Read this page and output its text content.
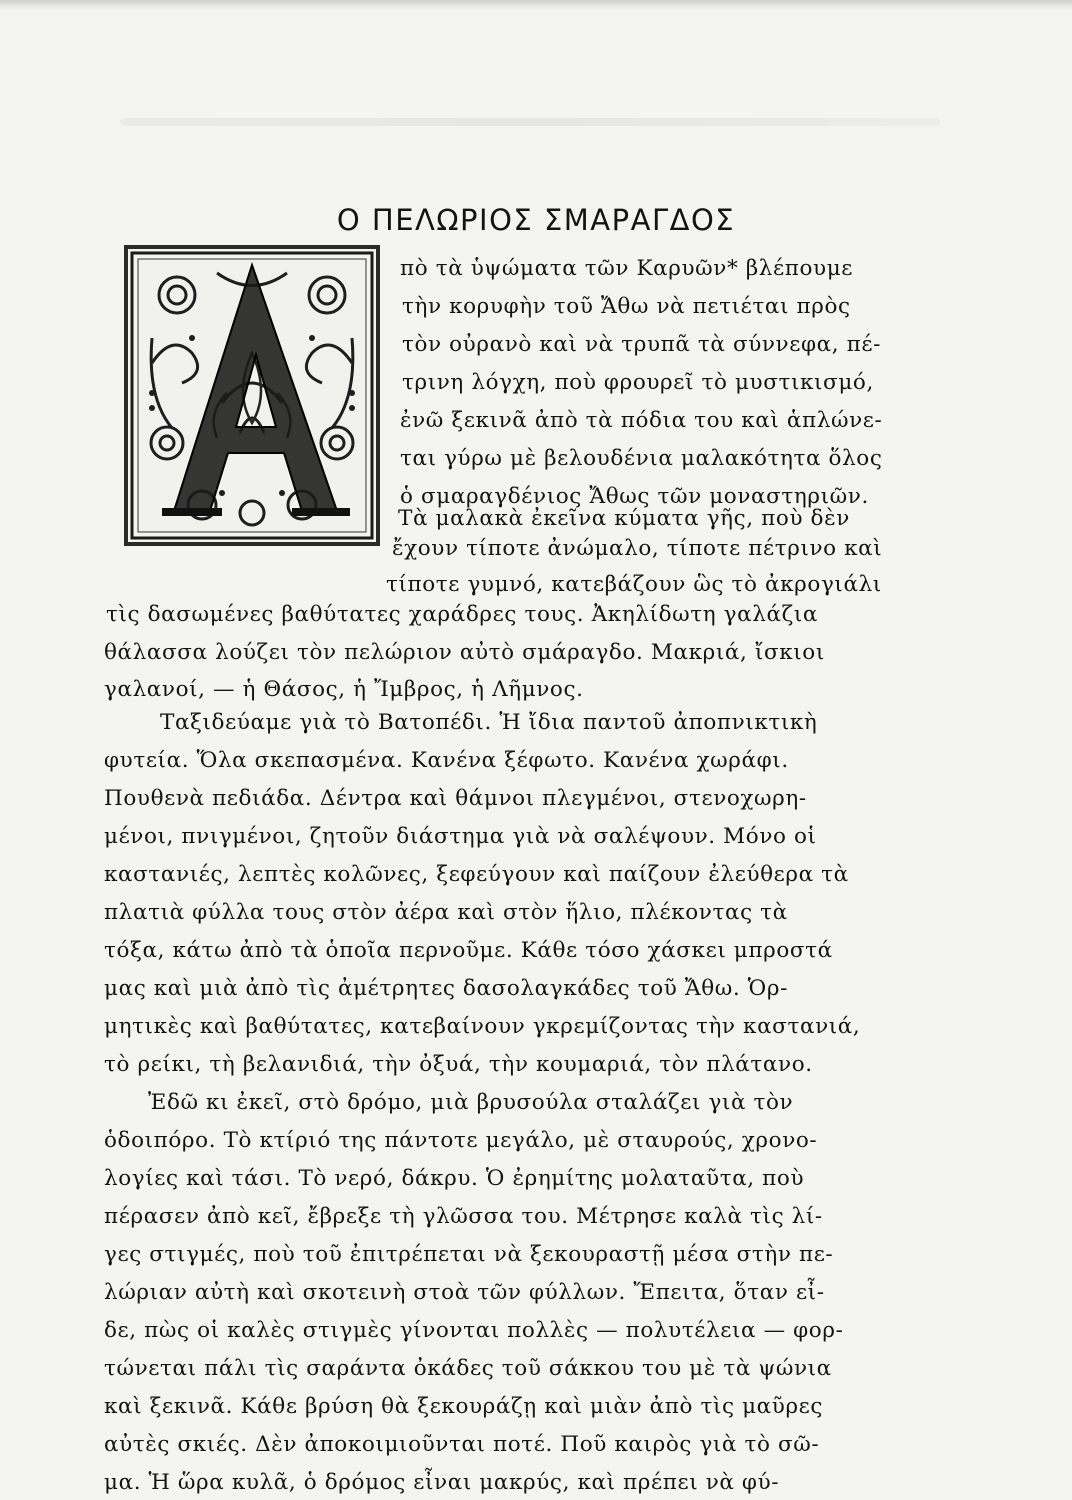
Ο ΠΕΛΩΡΙΟΣ ΣΜΑΡΑΓΔΟΣ
πὸ τὰ ὑψώματα τῶν Καρυῶν* βλέπουμε
τὴν κορυφὴν τοῦ Ἄθω νὰ πετιέται πρὸς
τὸν οὐρανὸ καὶ νὰ τρυπᾶ τὰ σύννεφα, πέ-
τρινη λόγχη, ποὺ φρουρεῖ τὸ μυστικισμό,
ἐνῶ ξεκινᾶ ἀπὸ τὰ πόδια του καὶ ἁπλώνε-
ται γύρω μὲ βελουδένια μαλακότητα ὅλος
ὁ σμαραγδένιος Ἄθως τῶν μοναστηριῶν.
Τὰ μαλακὰ ἐκεῖνα κύματα γῆς, ποὺ δὲν
ἔχουν τίποτε ἀνώμαλο, τίποτε πέτρινο καὶ
τίποτε γυμνό, κατεβάζουν ὣς τὸ ἀκρογιάλι
τὶς δασωμένες βαθύτατες χαράδρες τους. Ἀκηλίδωτη γαλάζια
θάλασσα λούζει τὸν πελώριον αὐτὸ σμάραγδο. Μακριά, ἴσκιοι
γαλανοί, — ἡ Θάσος, ἡ Ἴμβρος, ἡ Λῆμνος.
Ταξιδεύαμε γιὰ τὸ Βατοπέδι. Ἡ ἴδια παντοῦ ἀποπνικτικὴ
φυτεία. Ὅλα σκεπασμένα. Κανένα ξέφωτο. Κανένα χωράφι.
Πουθενὰ πεδιάδα. Δέντρα καὶ θάμνοι πλεγμένοι, στενοχωρη-
μένοι, πνιγμένοι, ζητοῦν διάστημα γιὰ νὰ σαλέψουν. Μόνο οἱ
καστανιές, λεπτὲς κολῶνες, ξεφεύγουν καὶ παίζουν ἐλεύθερα τὰ
πλατιὰ φύλλα τους στὸν ἀέρα καὶ στὸν ἥλιο, πλέκοντας τὰ
τόξα, κάτω ἀπὸ τὰ ὁποῖα περνοῦμε. Κάθε τόσο χάσκει μπροστά
μας καὶ μιὰ ἀπὸ τὶς ἀμέτρητες δασολαγκάδες τοῦ Ἄθω. Ὁρ-
μητικὲς καὶ βαθύτατες, κατεβαίνουν γκρεμίζοντας τὴν καστανιά,
τὸ ρείκι, τὴ βελανιδιά, τὴν ὀξυά, τὴν κουμαριά, τὸν πλάτανο.
Ἐδῶ κι ἐκεῖ, στὸ δρόμο, μιὰ βρυσούλα σταλάζει γιὰ τὸν
ὁδοιπόρο. Τὸ κτίριό της πάντοτε μεγάλο, μὲ σταυρούς, χρονο-
λογίες καὶ τάσι. Τὸ νερό, δάκρυ. Ὁ ἐρημίτης μολαταῦτα, ποὺ
πέρασεν ἀπὸ κεῖ, ἔβρεξε τὴ γλῶσσα του. Μέτρησε καλὰ τὶς λί-
γες στιγμές, ποὺ τοῦ ἐπιτρέπεται νὰ ξεκουραστῇ μέσα στὴν πε-
λώριαν αὐτὴ καὶ σκοτεινὴ στοὰ τῶν φύλλων. Ἔπειτα, ὅταν εἶ-
δε, πὼς οἱ καλὲς στιγμὲς γίνονται πολλὲς — πολυτέλεια — φορ-
τώνεται πάλι τὶς σαράντα ὀκάδες τοῦ σάκκου του μὲ τὰ ψώνια
καὶ ξεκινᾶ. Κάθε βρύση θὰ ξεκουράζῃ καὶ μιὰν ἀπὸ τὶς μαῦρες
αὐτὲς σκιές. Δὲν ἀποκοιμιοῦνται ποτέ. Ποῦ καιρὸς γιὰ τὸ σῶ-
μα. Ἡ ὥρα κυλᾶ, ὁ δρόμος εἶναι μακρύς, καὶ πρέπει νὰ φύ-
